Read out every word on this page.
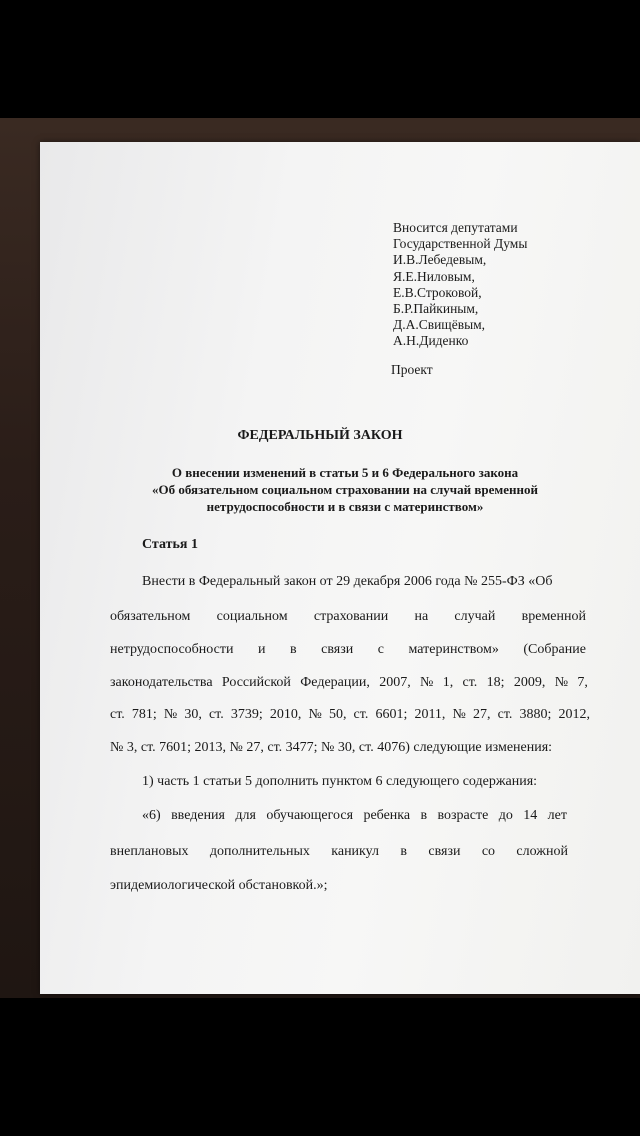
Вносится депутатами
Государственной Думы
И.В.Лебедевым,
Я.Е.Ниловым,
Е.В.Строковой,
Б.Р.Пайкиным,
Д.А.Свищёвым,
А.Н.Диденко
Проект
ФЕДЕРАЛЬНЫЙ ЗАКОН
О внесении изменений в статьи 5 и 6 Федерального закона
«Об обязательном социальном страховании на случай временной
нетрудоспособности и в связи с материнством»
Статья 1
Внести в Федеральный закон от 29 декабря 2006 года № 255-ФЗ «Об
обязательном социальном страховании на случай временной
нетрудоспособности и в связи с материнством» (Собрание
законодательства Российской Федерации, 2007, № 1, ст. 18; 2009, № 7,
ст. 781; № 30, ст. 3739; 2010, № 50, ст. 6601; 2011, № 27, ст. 3880; 2012,
№ 3, ст. 7601; 2013, № 27, ст. 3477; № 30, ст. 4076) следующие изменения:
1) часть 1 статьи 5 дополнить пунктом 6 следующего содержания:
«6) введения для обучающегося ребенка в возрасте до 14 лет
внеплановых дополнительных каникул в связи со сложной
эпидемиологической обстановкой.»;
